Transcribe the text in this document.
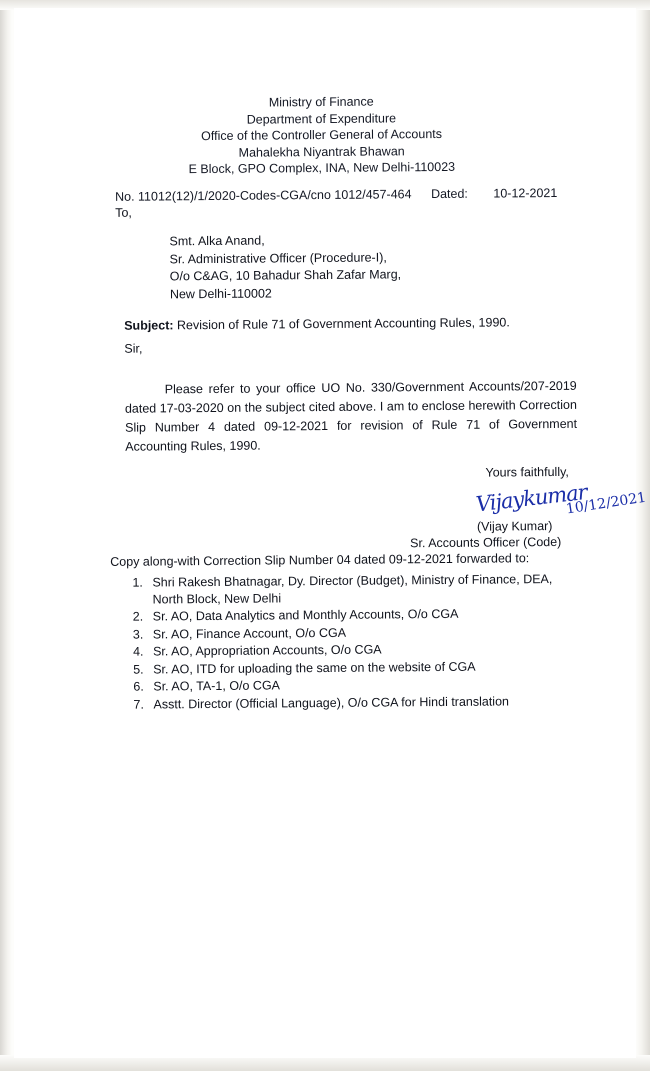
Ministry of Finance
Department of Expenditure
Office of the Controller General of Accounts
Mahalekha Niyantrak Bhawan
E Block, GPO Complex, INA, New Delhi-110023
No. 11012(12)/1/2020-Codes-CGA/cno 1012/457-464 Dated: 10-12-2021
To,
Smt. Alka Anand,
Sr. Administrative Officer (Procedure-I),
O/o C&AG, 10 Bahadur Shah Zafar Marg,
New Delhi-110002
Subject: Revision of Rule 71 of Government Accounting Rules, 1990.
Sir,
Please refer to your office UO No. 330/Government Accounts/207-2019 dated 17-03-2020 on the subject cited above. I am to enclose herewith Correction Slip Number 4 dated 09-12-2021 for revision of Rule 71 of Government Accounting Rules, 1990.
Yours faithfully,
Vijaykumar
10/12/2021
(Vijay Kumar)
Sr. Accounts Officer (Code)
Copy along-with Correction Slip Number 04 dated 09-12-2021 forwarded to:
1. Shri Rakesh Bhatnagar, Dy. Director (Budget), Ministry of Finance, DEA,
North Block, New Delhi
2. Sr. AO, Data Analytics and Monthly Accounts, O/o CGA
3. Sr. AO, Finance Account, O/o CGA
4. Sr. AO, Appropriation Accounts, O/o CGA
5. Sr. AO, ITD for uploading the same on the website of CGA
6. Sr. AO, TA-1, O/o CGA
7. Asstt. Director (Official Language), O/o CGA for Hindi translation
